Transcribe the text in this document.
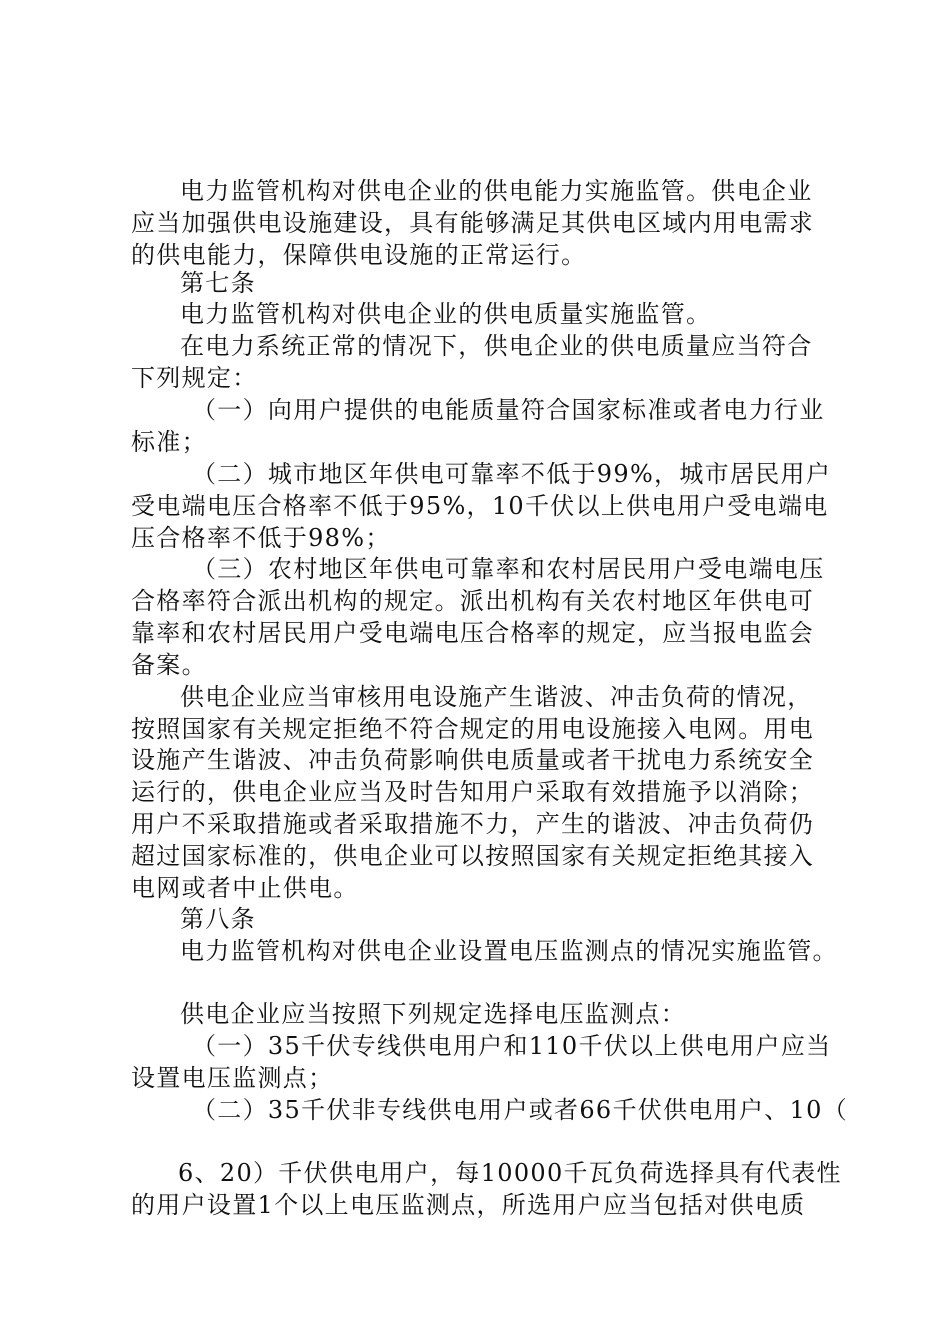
电力监管机构对供电企业的供电能力实施监管。供电企业
应当加强供电设施建设，具有能够满足其供电区域内用电需求
的供电能力，保障供电设施的正常运行。
第七条
电力监管机构对供电企业的供电质量实施监管。
在电力系统正常的情况下，供电企业的供电质量应当符合
下列规定：
（一）向用户提供的电能质量符合国家标准或者电力行业
标准；
（二）城市地区年供电可靠率不低于99%，城市居民用户
受电端电压合格率不低于95%，10千伏以上供电用户受电端电
压合格率不低于98%；
（三）农村地区年供电可靠率和农村居民用户受电端电压
合格率符合派出机构的规定。派出机构有关农村地区年供电可
靠率和农村居民用户受电端电压合格率的规定，应当报电监会
备案。
供电企业应当审核用电设施产生谐波、冲击负荷的情况，
按照国家有关规定拒绝不符合规定的用电设施接入电网。用电
设施产生谐波、冲击负荷影响供电质量或者干扰电力系统安全
运行的，供电企业应当及时告知用户采取有效措施予以消除；
用户不采取措施或者采取措施不力，产生的谐波、冲击负荷仍
超过国家标准的，供电企业可以按照国家有关规定拒绝其接入
电网或者中止供电。
第八条
电力监管机构对供电企业设置电压监测点的情况实施监管。
供电企业应当按照下列规定选择电压监测点：
（一）35千伏专线供电用户和110千伏以上供电用户应当
设置电压监测点；
（二）35千伏非专线供电用户或者66千伏供电用户、10（
6、20）千伏供电用户，每10000千瓦负荷选择具有代表性
的用户设置1个以上电压监测点，所选用户应当包括对供电质
